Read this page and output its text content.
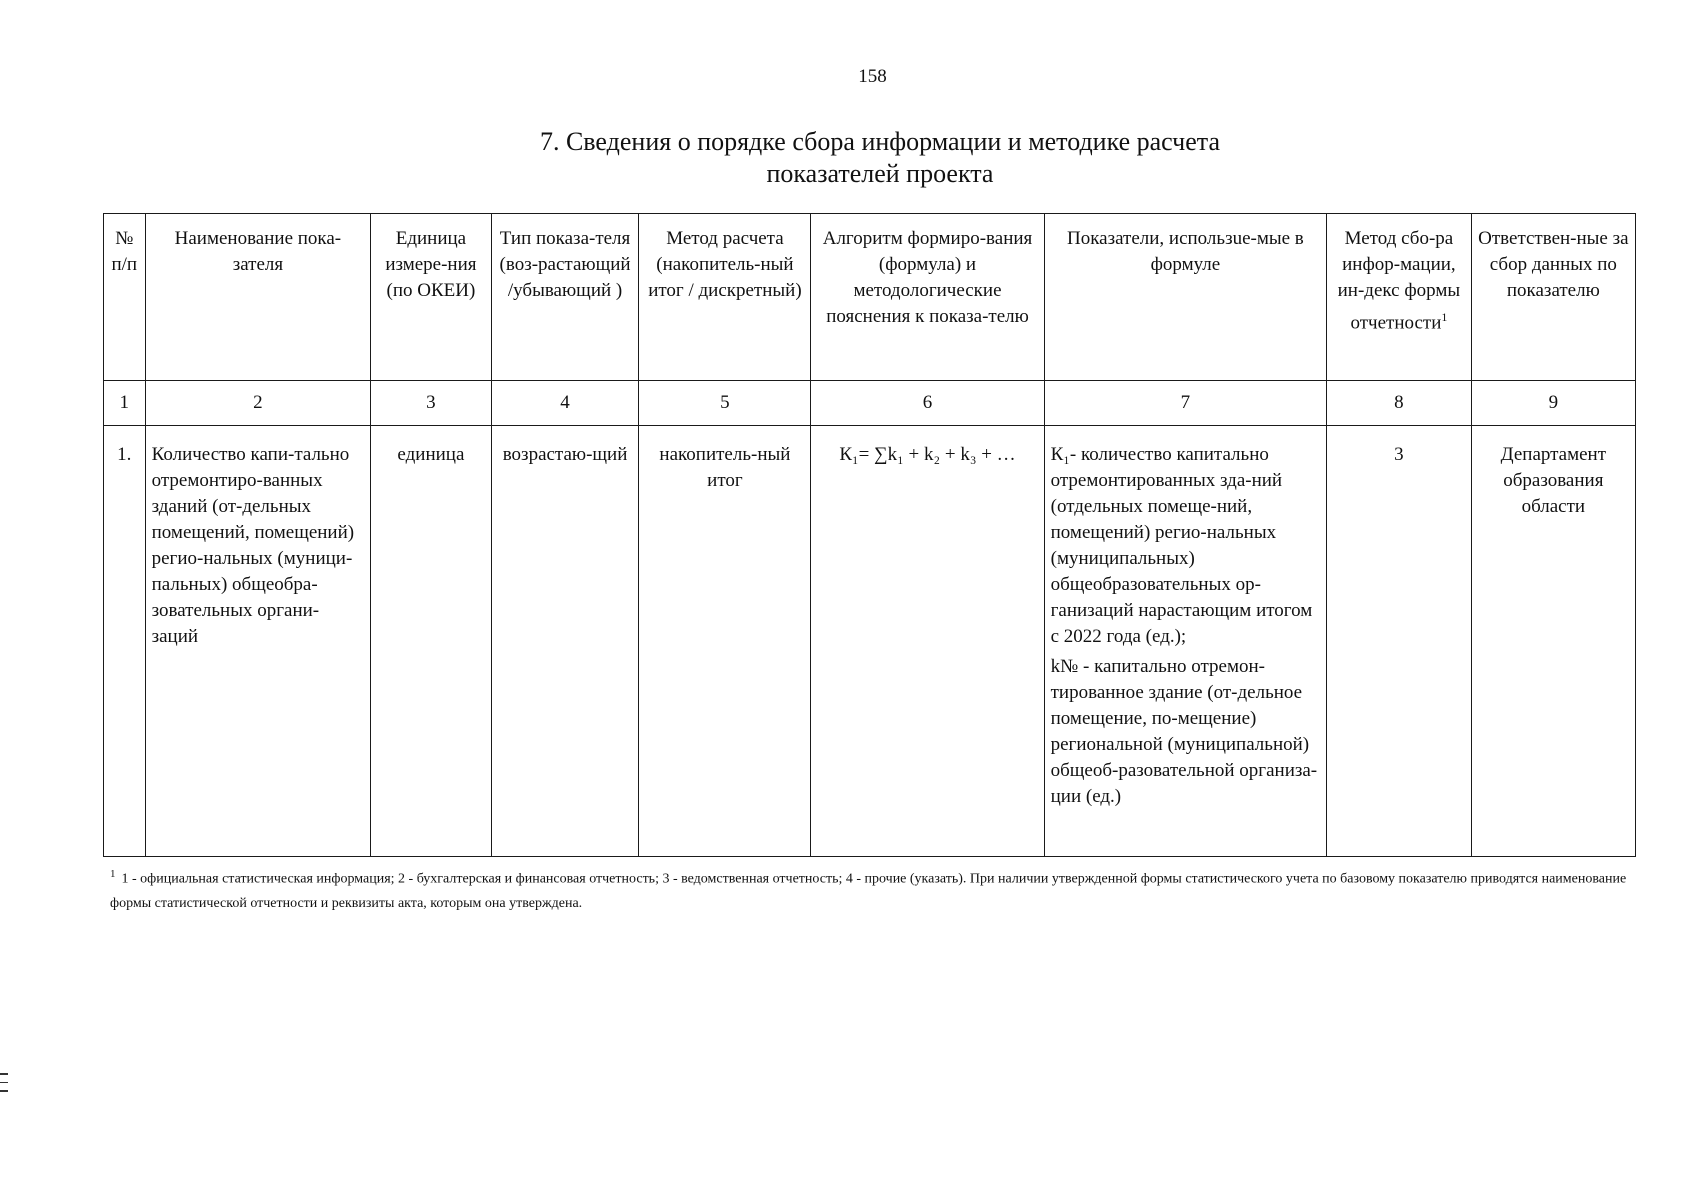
158
7. Сведения о порядке сбора информации и методике расчета
показателей проекта
№ п/п	Наименование пока-зателя	Единица измере-ния (по ОКЕИ)	Тип показа-теля (воз-растающий /убывающий )	Метод расчета (накопитель-ный итог / дискретный)	Алгоритм формиро-вания (формула) и методологические пояснения к показа-телю	Показатели, использue-мые в формуле	Метод сбо-ра инфор-мации, ин-декс формы отчетности$^1$	Ответствен-ные за сбор данных по показателю
1	2	3	4	5	6	7	8	9
1.	Количество капи-тально отремонтиро-ванных зданий (от-дельных помещений, помещений) регио-нальных (муници-пальных) общеобра-зовательных органи-заций	единица	возрастаю-щий	накопитель-ный итог	К₁= ∑k₁ + k₂ + k₃ + …	К₁- количество капитально отремонтированных зда-ний (отдельных помеще-ний, помещений) регио-нальных (муниципальных) общеобразовательных ор-ганизаций нарастающим итогом с 2022 года (ед.);

k№ - капитально отремон-тированное здание (от-дельное помещение, по-мещение) региональной (муниципальной) общеоб-разовательной организа-ции (ед.)	3	Департамент образования области
$^1$ 1 - официальная статистическая информация; 2 - бухгалтерская и финансовая отчетность; 3 - ведомственная отчетность; 4 - прочие (указать). При наличии утвержденной формы статистического учета по базовому показателю приводятся наименование формы статистической отчетности и реквизиты акта, которым она утверждена.
